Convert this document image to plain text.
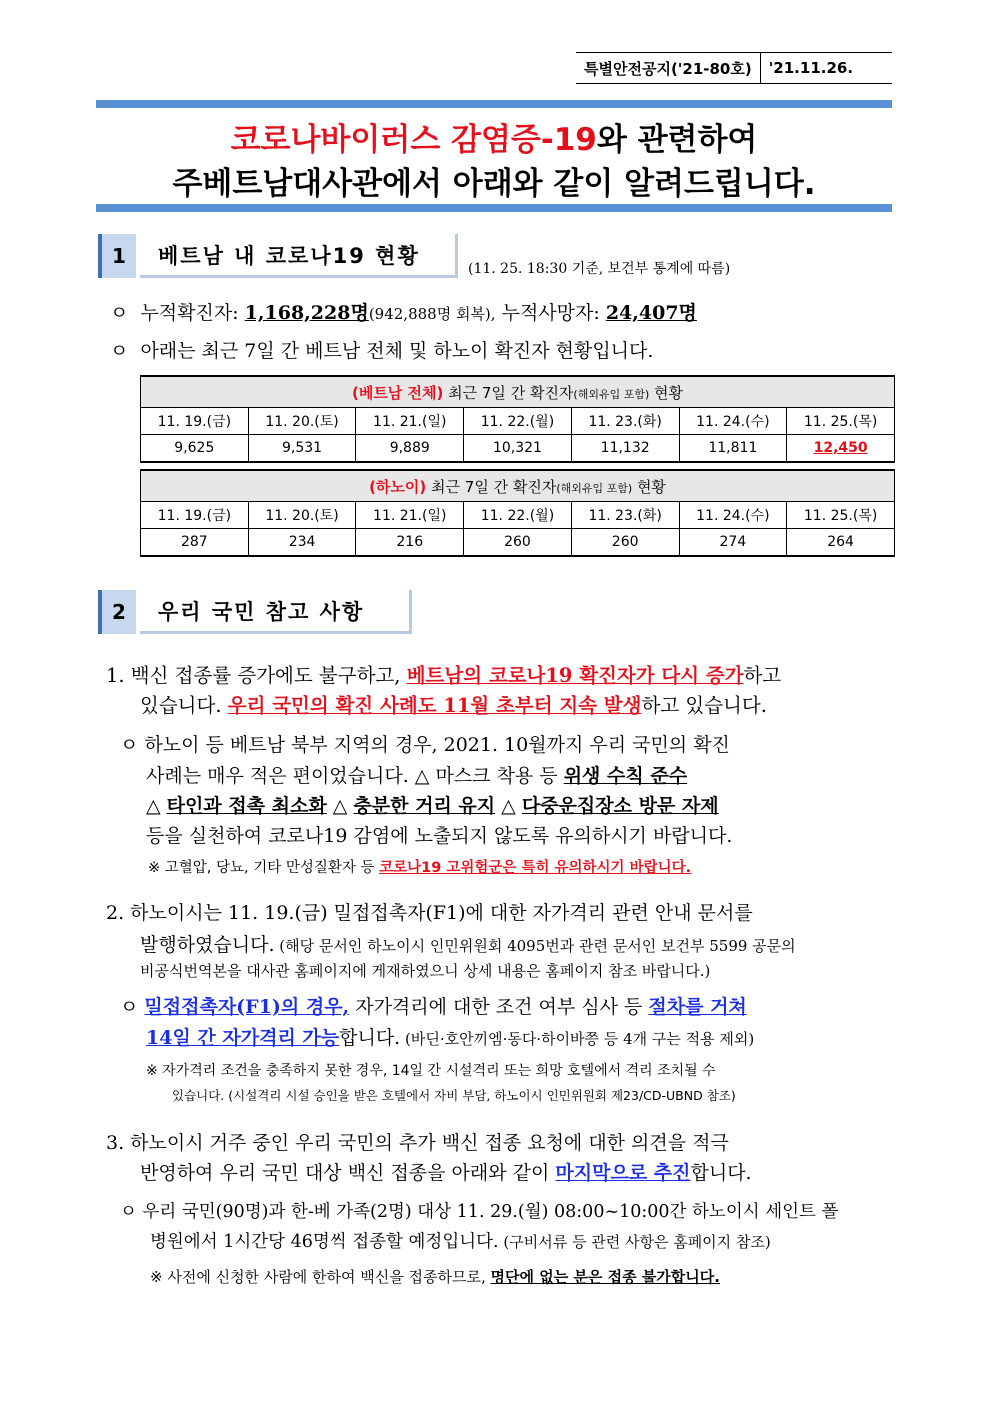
특별안전공지('21-80호)	'21.11.26.
코로나바이러스 감염증-19와 관련하여
주베트남대사관에서 아래와 같이 알려드립니다.
1	베트남 내 코로나19 현황
(11. 25. 18:30 기준, 보건부 통계에 따름)
ㅇ 누적확진자: 1,168,228명(942,888명 회복), 누적사망자: 24,407명
ㅇ 아래는 최근 7일 간 베트남 전체 및 하노이 확진자 현황입니다.
(베트남 전체) 최근 7일 간 확진자(해외유입 포함) 현황						
11. 19.(금)	11. 20.(토)	11. 21.(일)	11. 22.(월)	11. 23.(화)	11. 24.(수)	11. 25.(목)
9,625	9,531	9,889	10,321	11,132	11,811	12,450
(하노이) 최근 7일 간 확진자(해외유입 포함) 현황						
11. 19.(금)	11. 20.(토)	11. 21.(일)	11. 22.(월)	11. 23.(화)	11. 24.(수)	11. 25.(목)
287	234	216	260	260	274	264
2	우리 국민 참고 사항
1. 백신 접종률 증가에도 불구하고, 베트남의 코로나19 확진자가 다시 증가하고
있습니다. 우리 국민의 확진 사례도 11월 초부터 지속 발생하고 있습니다.
ㅇ 하노이 등 베트남 북부 지역의 경우, 2021. 10월까지 우리 국민의 확진
사례는 매우 적은 편이었습니다. △ 마스크 착용 등 위생 수칙 준수
△ 타인과 접촉 최소화 △ 충분한 거리 유지 △ 다중운집장소 방문 자제
등을 실천하여 코로나19 감염에 노출되지 않도록 유의하시기 바랍니다.
※ 고혈압, 당뇨, 기타 만성질환자 등 코로나19 고위험군은 특히 유의하시기 바랍니다.
2. 하노이시는 11. 19.(금) 밀접접촉자(F1)에 대한 자가격리 관련 안내 문서를
발행하였습니다. (해당 문서인 하노이시 인민위원회 4095번과 관련 문서인 보건부 5599 공문의
비공식번역본을 대사관 홈페이지에 게재하였으니 상세 내용은 홈페이지 참조 바랍니다.)
ㅇ 밀접접촉자(F1)의 경우, 자가격리에 대한 조건 여부 심사 등 절차를 거쳐
14일 간 자가격리 가능합니다. (바딘·호안끼엠·동다·하이바쯩 등 4개 구는 적용 제외)
※ 자가격리 조건을 충족하지 못한 경우, 14일 간 시설격리 또는 희망 호텔에서 격리 조치될 수
있습니다. (시설격리 시설 승인을 받은 호텔에서 자비 부담, 하노이시 인민위원회 제23/CD-UBND 참조)
3. 하노이시 거주 중인 우리 국민의 추가 백신 접종 요청에 대한 의견을 적극
반영하여 우리 국민 대상 백신 접종을 아래와 같이 마지막으로 추진합니다.
ㅇ 우리 국민(90명)과 한-베 가족(2명) 대상 11. 29.(월) 08:00~10:00간 하노이시 세인트 폴
병원에서 1시간당 46명씩 접종할 예정입니다. (구비서류 등 관련 사항은 홈페이지 참조)
※ 사전에 신청한 사람에 한하여 백신을 접종하므로, 명단에 없는 분은 접종 불가합니다.
